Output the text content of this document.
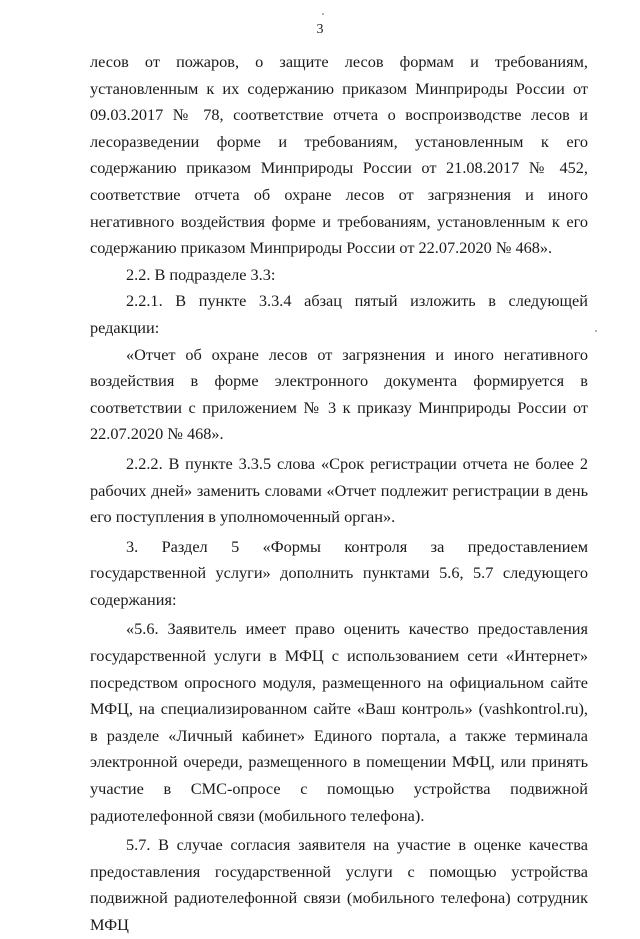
3

лесов от пожаров, о защите лесов формам и требованиям, установленным к их содержанию приказом Минприроды России от 09.03.2017 № 78, соответствие отчета о воспроизводстве лесов и лесоразведении форме и требованиям, установленным к его содержанию приказом Минприроды России от 21.08.2017 № 452, соответствие отчета об охране лесов от загрязнения и иного негативного воздействия форме и требованиям, установленным к его содержанию приказом Минприроды России от 22.07.2020 № 468».

2.2. В подразделе 3.3:

2.2.1. В пункте 3.3.4 абзац пятый изложить в следующей редакции:

«Отчет об охране лесов от загрязнения и иного негативного воздействия в форме электронного документа формируется в соответствии с приложением № 3 к приказу Минприроды России от 22.07.2020 № 468».

2.2.2. В пункте 3.3.5 слова «Срок регистрации отчета не более 2 рабочих дней» заменить словами «Отчет подлежит регистрации в день его поступления в уполномоченный орган».

3. Раздел 5 «Формы контроля за предоставлением государственной услуги» дополнить пунктами 5.6, 5.7 следующего содержания:

«5.6. Заявитель имеет право оценить качество предоставления государственной услуги в МФЦ с использованием сети «Интернет» посредством опросного модуля, размещенного на официальном сайте МФЦ, на специализированном сайте «Ваш контроль» (vashkontrol.ru), в разделе «Личный кабинет» Единого портала, а также терминала электронной очереди, размещенного в помещении МФЦ, или принять участие в СМС-опросе с помощью устройства подвижной радиотелефонной связи (мобильного телефона).

5.7. В случае согласия заявителя на участие в оценке качества предоставления государственной услуги с помощью устройства подвижной радиотелефонной связи (мобильного телефона) сотрудник МФЦ
